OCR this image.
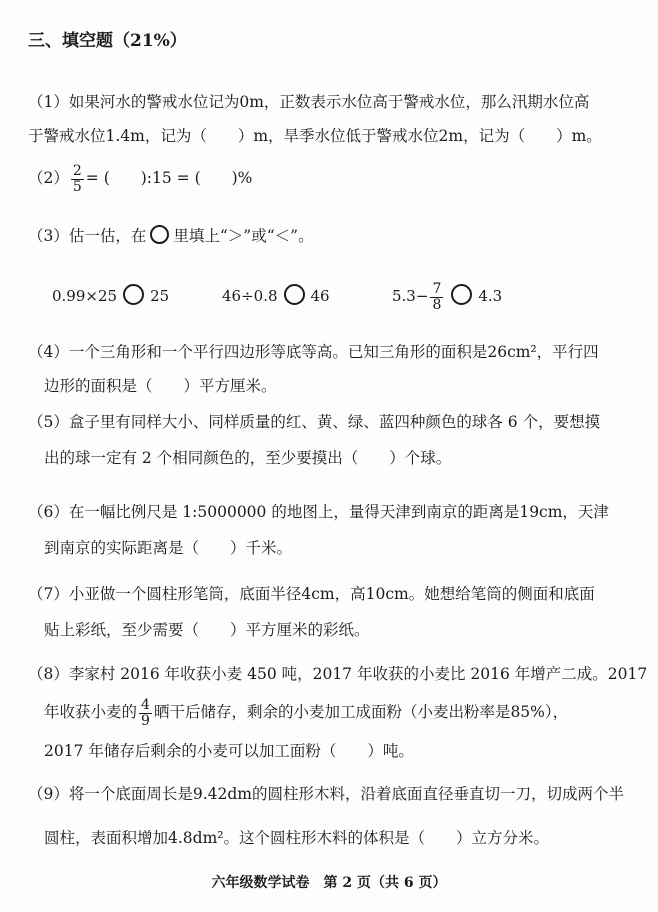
三、填空题（21%）
（1）如果河水的警戒水位记为0m，正数表示水位高于警戒水位，那么汛期水位高
于警戒水位1.4m，记为（　　）m，旱季水位低于警戒水位2m，记为（　　）m。
$(2) \frac{2}{5}$ = (　　):15 = (　　)%
（3）估一估，在 里填上“＞”或“＜”。
0.99×25 25	46÷0.8 46	$5.3- \frac{7}{8} 4.3$
（4）一个三角形和一个平行四边形等底等高。已知三角形的面积是26cm²，平行四
边形的面积是（　　）平方厘米。
（5）盒子里有同样大小、同样质量的红、黄、绿、蓝四种颜色的球各 6 个，要想摸
出的球一定有 2 个相同颜色的，至少要摸出（　　）个球。
（6）在一幅比例尺是 1:5000000 的地图上，量得天津到南京的距离是19cm，天津
到南京的实际距离是（　　）千米。
（7）小亚做一个圆柱形笔筒，底面半径4cm，高10cm。她想给笔筒的侧面和底面
贴上彩纸，至少需要（　　）平方厘米的彩纸。
（8）李家村 2016 年收获小麦 450 吨，2017 年收获的小麦比 2016 年增产二成。2017
年收获小麦的 $\frac{4}{9}$ 晒干后储存，剩余的小麦加工成面粉（小麦出粉率是85%），
2017 年储存后剩余的小麦可以加工面粉（　　）吨。
（9）将一个底面周长是9.42dm的圆柱形木料，沿着底面直径垂直切一刀，切成两个半
圆柱，表面积增加4.8dm²。这个圆柱形木料的体积是（　　）立方分米。
六年级数学试卷　第 2 页（共 6 页）
